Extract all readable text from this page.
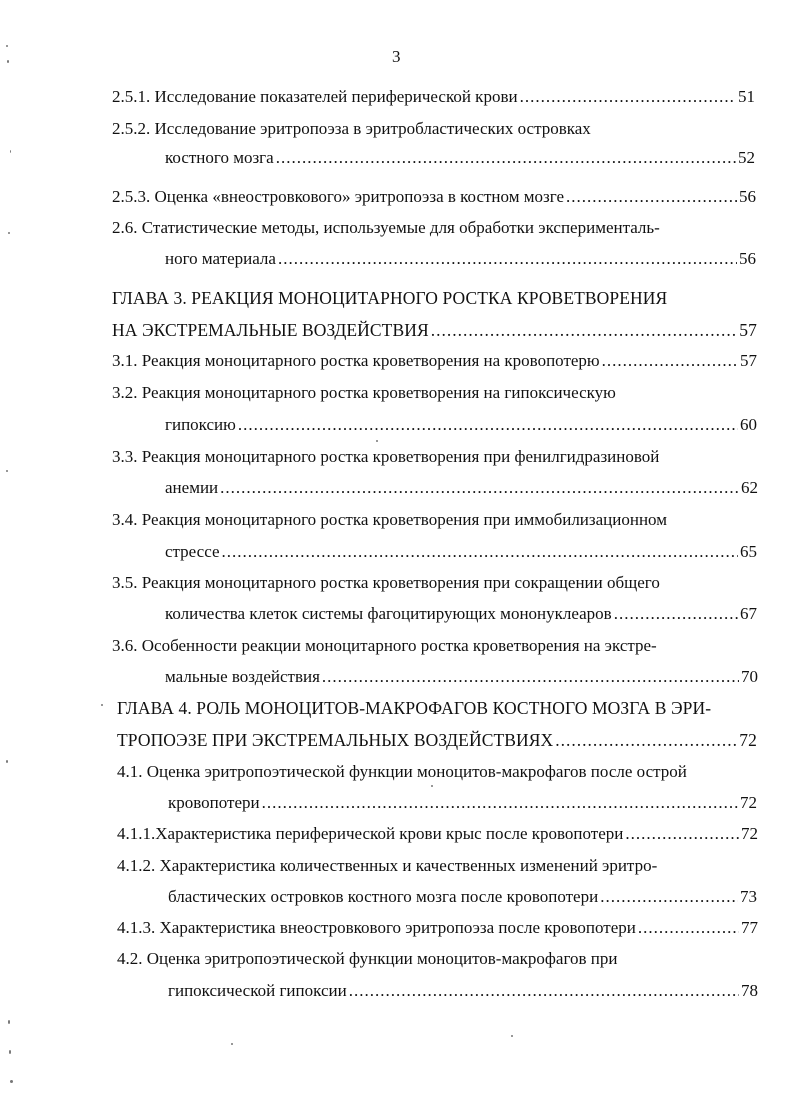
3
2.5.1. Исследование показателей периферической крови .....	51
2.5.2. Исследование эритропоэза в эритробластических островках
костного мозга .....	52
2.5.3. Оценка «внеостровкового» эритропоэза в костном мозге .....	56
2.6. Статистические методы, используемые для обработки эксперименталь-
ного материала .....	56
ГЛАВА 3. РЕАКЦИЯ МОНОЦИТАРНОГО РОСТКА КРОВЕТВОРЕНИЯ
НА ЭКСТРЕМАЛЬНЫЕ ВОЗДЕЙСТВИЯ .....	57
3.1. Реакция моноцитарного ростка кроветворения на кровопотерю .....	57
3.2. Реакция моноцитарного ростка кроветворения на гипоксическую
гипоксию .....	60
3.3. Реакция моноцитарного ростка кроветворения при фенилгидразиновой
анемии .....	62
3.4. Реакция моноцитарного ростка кроветворения при иммобилизационном
стрессе .....	65
3.5. Реакция моноцитарного ростка кроветворения при сокращении общего
количества клеток системы фагоцитирующих мононуклеаров .....	67
3.6. Особенности реакции моноцитарного ростка кроветворения на экстре-
мальные воздействия .....	70
ГЛАВА 4. РОЛЬ МОНОЦИТОВ-МАКРОФАГОВ КОСТНОГО МОЗГА В ЭРИ-
ТРОПОЭЗЕ ПРИ ЭКСТРЕМАЛЬНЫХ ВОЗДЕЙСТВИЯХ .....	72
4.1. Оценка эритропоэтической функции моноцитов-макрофагов после острой
кровопотери .....	72
4.1.1.Характеристика периферической крови крыс после кровопотери .....	72
4.1.2. Характеристика количественных и качественных изменений эритро-
бластических островков костного мозга после кровопотери .....	73
4.1.3. Характеристика внеостровкового эритропоэза после кровопотери .....	77
4.2. Оценка эритропоэтической функции моноцитов-макрофагов при
гипоксической гипоксии .....	78
